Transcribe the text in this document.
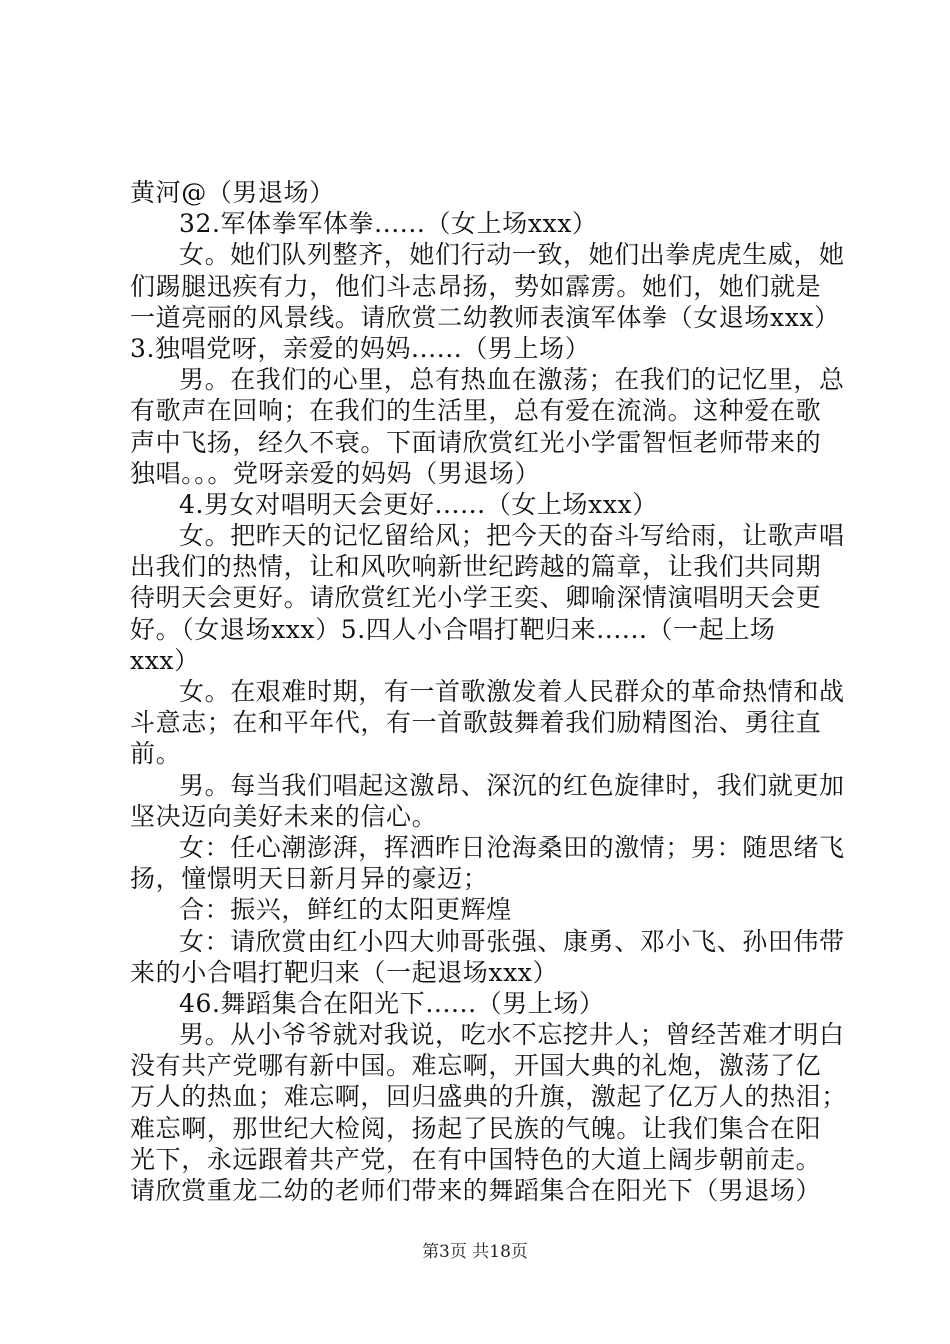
黄河@（男退场）
32.军体拳军体拳......（女上场xxx）
女。她们队列整齐，她们行动一致，她们出拳虎虎生威，她
们踢腿迅疾有力，他们斗志昂扬，势如霹雳。她们，她们就是
一道亮丽的风景线。请欣赏二幼教师表演军体拳（女退场xxx）
3.独唱党呀，亲爱的妈妈......（男上场）
男。在我们的心里，总有热血在激荡；在我们的记忆里，总
有歌声在回响；在我们的生活里，总有爱在流淌。这种爱在歌
声中飞扬，经久不衰。下面请欣赏红光小学雷智恒老师带来的
独唱。。。党呀亲爱的妈妈（男退场）
4.男女对唱明天会更好......（女上场xxx）
女。把昨天的记忆留给风；把今天的奋斗写给雨，让歌声唱
出我们的热情，让和风吹响新世纪跨越的篇章，让我们共同期
待明天会更好。请欣赏红光小学王奕、卿喻深情演唱明天会更
好。（女退场xxx）5.四人小合唱打靶归来......（一起上场
xxx）
女。在艰难时期，有一首歌激发着人民群众的革命热情和战
斗意志；在和平年代，有一首歌鼓舞着我们励精图治、勇往直
前。
男。每当我们唱起这激昂、深沉的红色旋律时，我们就更加
坚决迈向美好未来的信心。
女：任心潮澎湃，挥洒昨日沧海桑田的激情；男：随思绪飞
扬，憧憬明天日新月异的豪迈；
合：振兴，鲜红的太阳更辉煌
女：请欣赏由红小四大帅哥张强、康勇、邓小飞、孙田伟带
来的小合唱打靶归来（一起退场xxx）
46.舞蹈集合在阳光下......（男上场）
男。从小爷爷就对我说，吃水不忘挖井人；曾经苦难才明白
没有共产党哪有新中国。难忘啊，开国大典的礼炮，激荡了亿
万人的热血；难忘啊，回归盛典的升旗，激起了亿万人的热泪；
难忘啊，那世纪大检阅，扬起了民族的气魄。让我们集合在阳
光下，永远跟着共产党，在有中国特色的大道上阔步朝前走。
请欣赏重龙二幼的老师们带来的舞蹈集合在阳光下（男退场）
第3页 共18页
